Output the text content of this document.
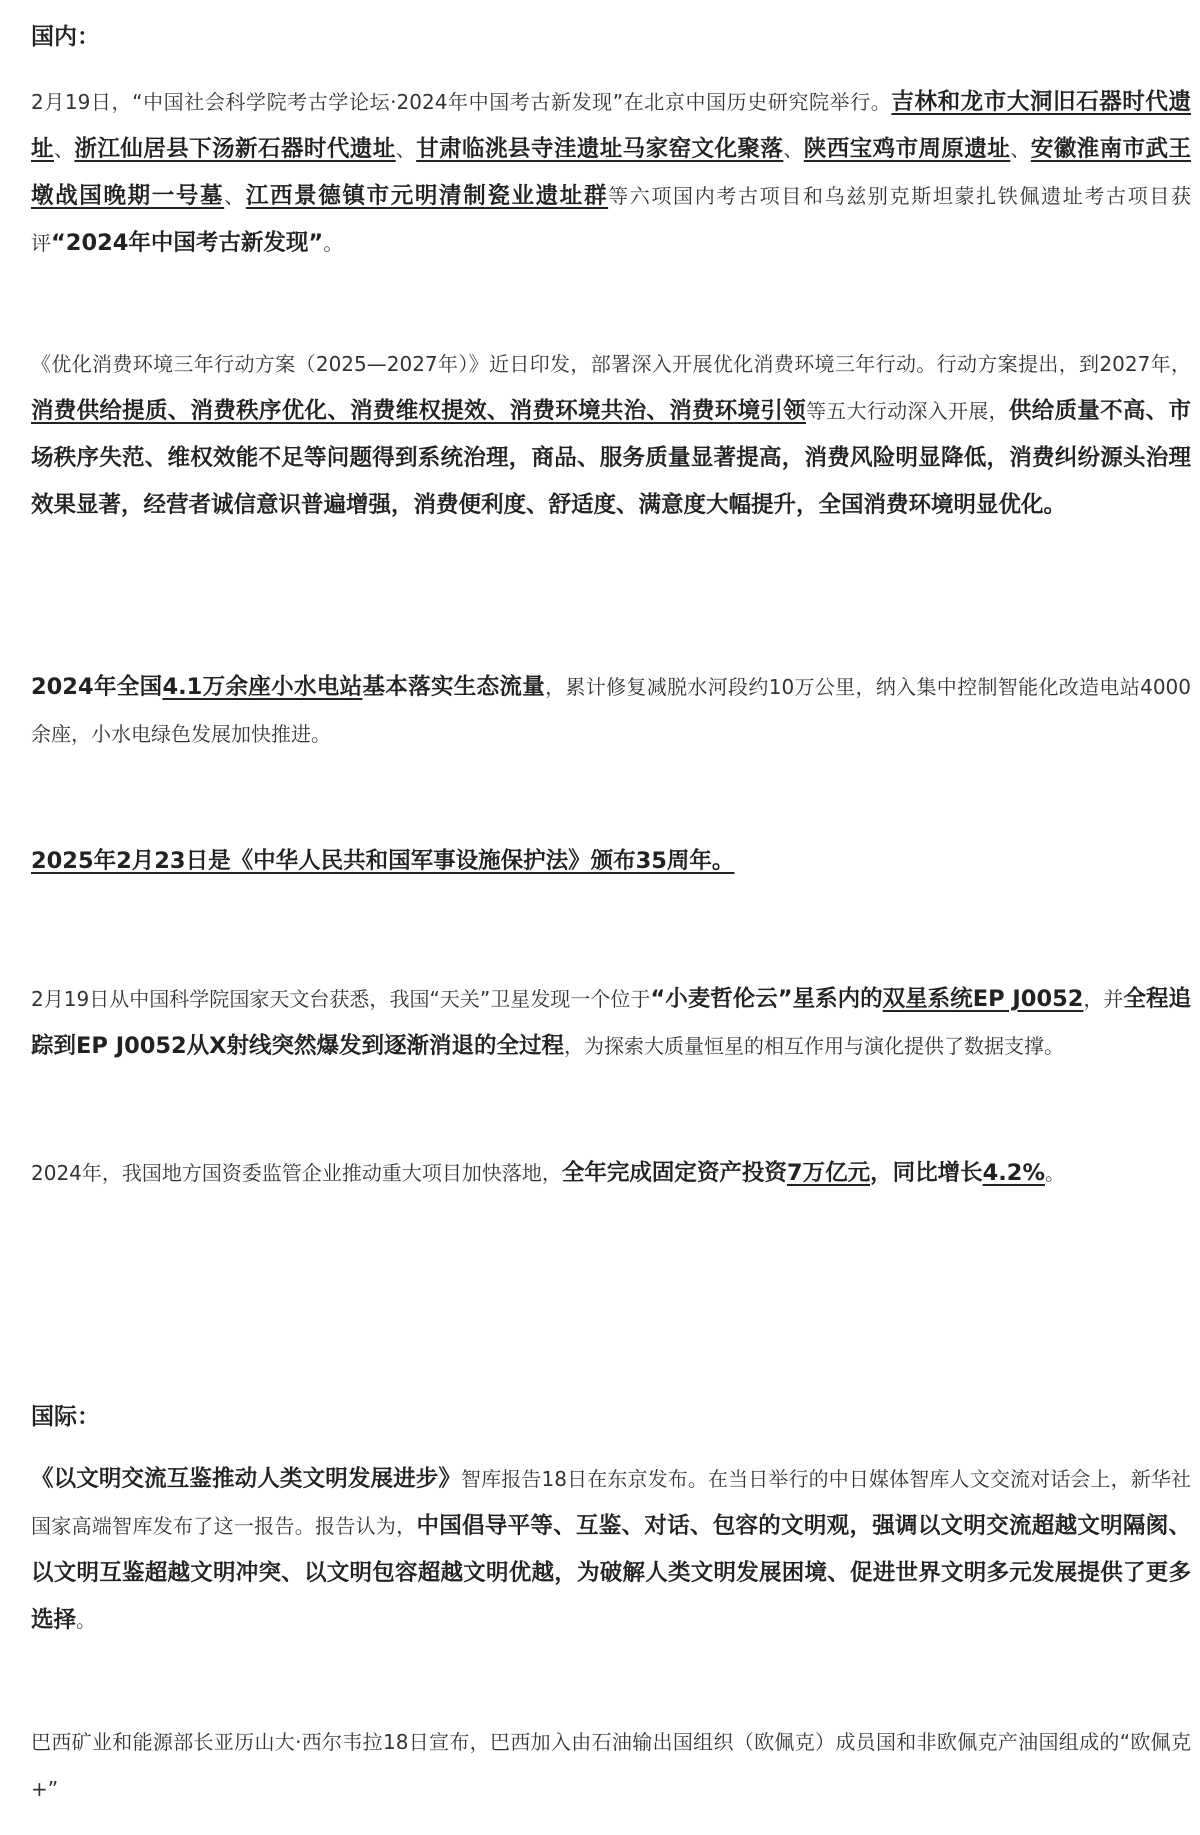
国内：

2月19日，“中国社会科学院考古学论坛·2024年中国考古新发现”在北京中国历史研究院举行。吉林和龙市大洞旧石器时代遗址、浙江仙居县下汤新石器时代遗址、甘肃临洮县寺洼遗址马家窑文化聚落、陕西宝鸡市周原遗址、安徽淮南市武王墩战国晚期一号墓、江西景德镇市元明清制瓷业遗址群等六项国内考古项目和乌兹别克斯坦蒙扎铁佩遗址考古项目获评“2024年中国考古新发现”。

《优化消费环境三年行动方案（2025—2027年）》近日印发，部署深入开展优化消费环境三年行动。行动方案提出，到2027年，消费供给提质、消费秩序优化、消费维权提效、消费环境共治、消费环境引领等五大行动深入开展，供给质量不高、市场秩序失范、维权效能不足等问题得到系统治理，商品、服务质量显著提高，消费风险明显降低，消费纠纷源头治理效果显著，经营者诚信意识普遍增强，消费便利度、舒适度、满意度大幅提升，全国消费环境明显优化。

2024年全国4.1万余座小水电站基本落实生态流量，累计修复减脱水河段约10万公里，纳入集中控制智能化改造电站4000余座，小水电绿色发展加快推进。

2025年2月23日是《中华人民共和国军事设施保护法》颁布35周年。

2月19日从中国科学院国家天文台获悉，我国“天关”卫星发现一个位于“小麦哲伦云”星系内的双星系统EP J0052，并全程追踪到EP J0052从X射线突然爆发到逐渐消退的全过程，为探索大质量恒星的相互作用与演化提供了数据支撑。

2024年，我国地方国资委监管企业推动重大项目加快落地，全年完成固定资产投资7万亿元，同比增长4.2%。

国际：

《以文明交流互鉴推动人类文明发展进步》智库报告18日在东京发布。在当日举行的中日媒体智库人文交流对话会上，新华社国家高端智库发布了这一报告。报告认为，中国倡导平等、互鉴、对话、包容的文明观，强调以文明交流超越文明隔阂、以文明互鉴超越文明冲突、以文明包容超越文明优越，为破解人类文明发展困境、促进世界文明多元发展提供了更多选择。

巴西矿业和能源部长亚历山大·西尔韦拉18日宣布，巴西加入由石油输出国组织（欧佩克）成员国和非欧佩克产油国组成的“欧佩克+”
